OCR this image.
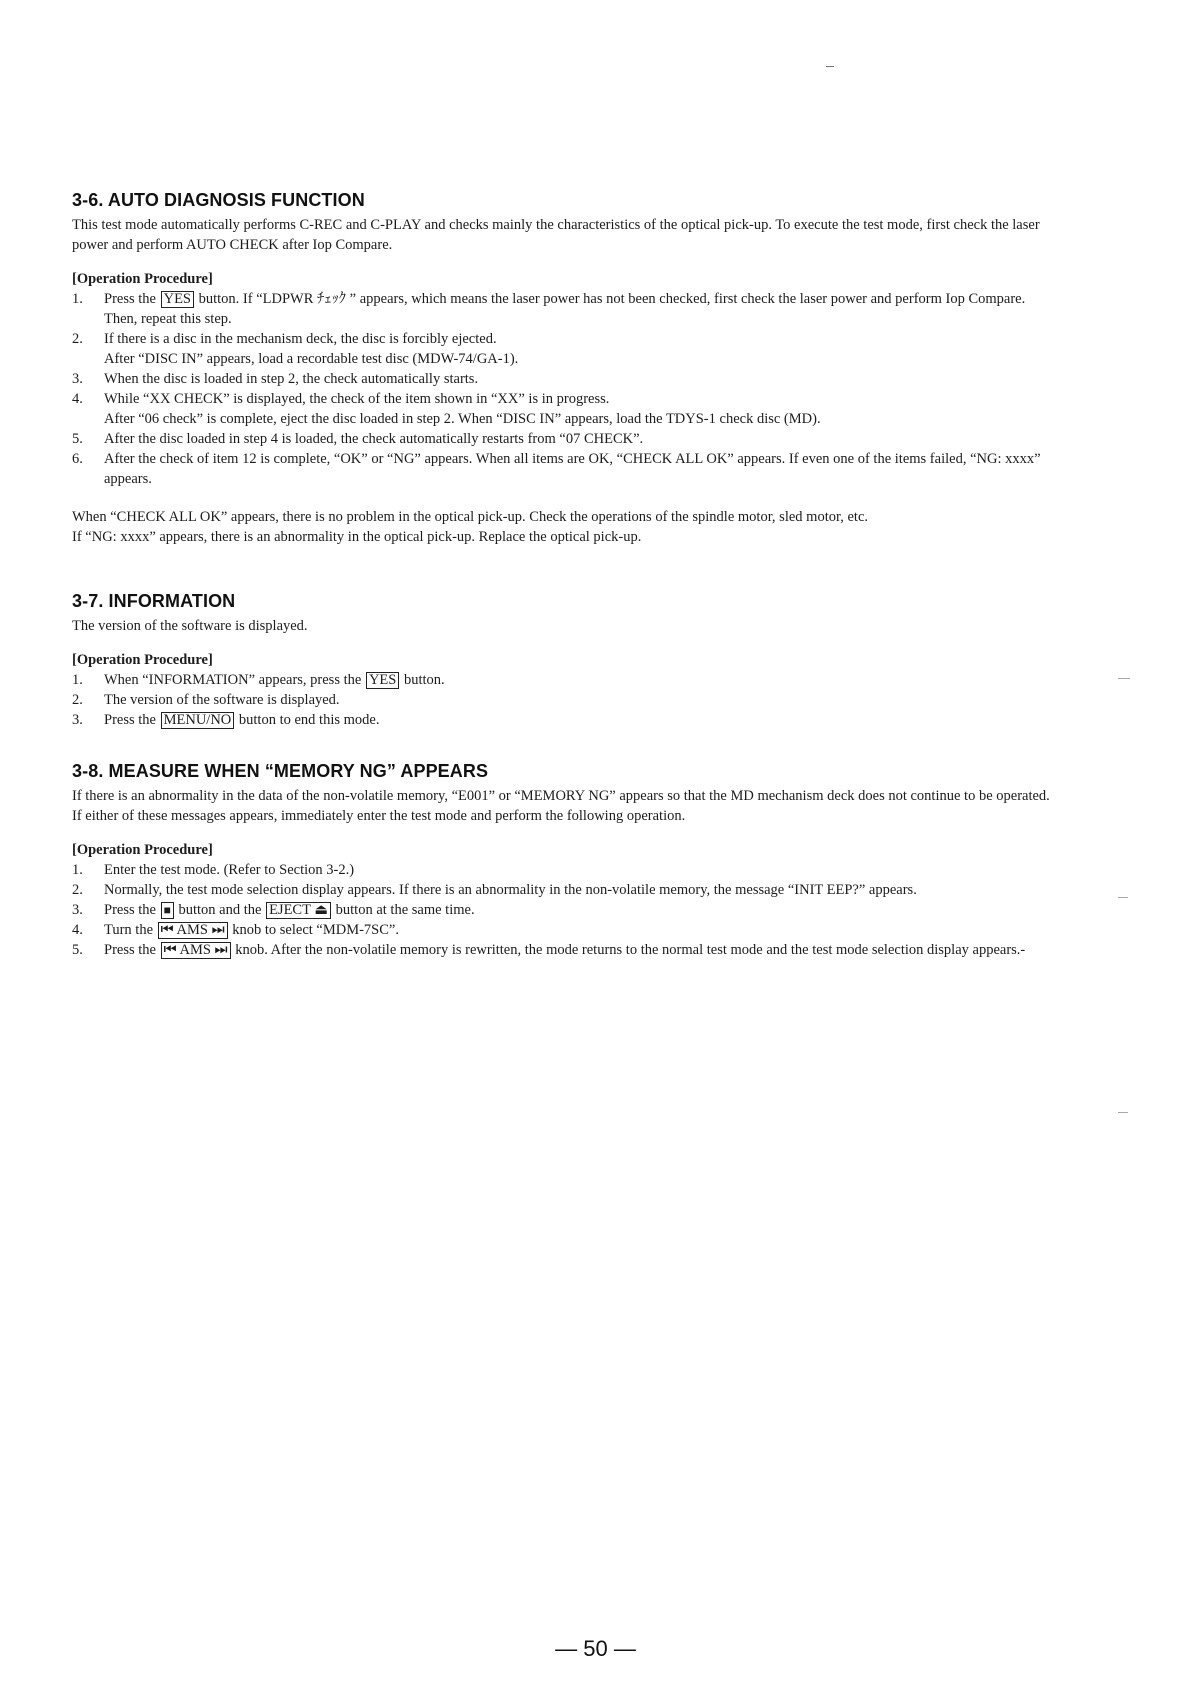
3-6. AUTO DIAGNOSIS FUNCTION

This test mode automatically performs C-REC and C-PLAY and checks mainly the characteristics of the optical pick-up. To execute the test mode, first check the laser power and perform AUTO CHECK after Iop Compare.

[Operation Procedure]
1.	Press the YES button. If “LDPWR ﾁｪｯｸ ” appears, which means the laser power has not been checked, first check the laser power and perform Iop Compare. Then, repeat this step.
2.	If there is a disc in the mechanism deck, the disc is forcibly ejected.
After “DISC IN” appears, load a recordable test disc (MDW-74/GA-1).
3.	When the disc is loaded in step 2, the check automatically starts.
4.	While “XX CHECK” is displayed, the check of the item shown in “XX” is in progress.
After “06 check” is complete, eject the disc loaded in step 2. When “DISC IN” appears, load the TDYS-1 check disc (MD).
5.	After the disc loaded in step 4 is loaded, the check automatically restarts from “07 CHECK”.
6.	After the check of item 12 is complete, “OK” or “NG” appears. When all items are OK, “CHECK ALL OK” appears. If even one of the items failed, “NG: xxxx” appears.

When “CHECK ALL OK” appears, there is no problem in the optical pick-up. Check the operations of the spindle motor, sled motor, etc.

If “NG: xxxx” appears, there is an abnormality in the optical pick-up. Replace the optical pick-up.

3-7. INFORMATION

The version of the software is displayed.

[Operation Procedure]
1.	When “INFORMATION” appears, press the YES button.
2.	The version of the software is displayed.
3.	Press the MENU/NO button to end this mode.
3-8. MEASURE WHEN “MEMORY NG” APPEARS

If there is an abnormality in the data of the non-volatile memory, “E001” or “MEMORY NG” appears so that the MD mechanism deck does not continue to be operated. If either of these messages appears, immediately enter the test mode and perform the following operation.

[Operation Procedure]
1.	Enter the test mode. (Refer to Section 3-2.)
2.	Normally, the test mode selection display appears. If there is an abnormality in the non-volatile memory, the message “INIT EEP?” appears.
3.	Press the ■ button and the EJECT ⏏ button at the same time.
4.	Turn the ⏮ AMS ⏭ knob to select “MDM-7SC”.
5.	Press the ⏮ AMS ⏭ knob. After the non-volatile memory is rewritten, the mode returns to the normal test mode and the test mode selection display appears.-
— 50 —
